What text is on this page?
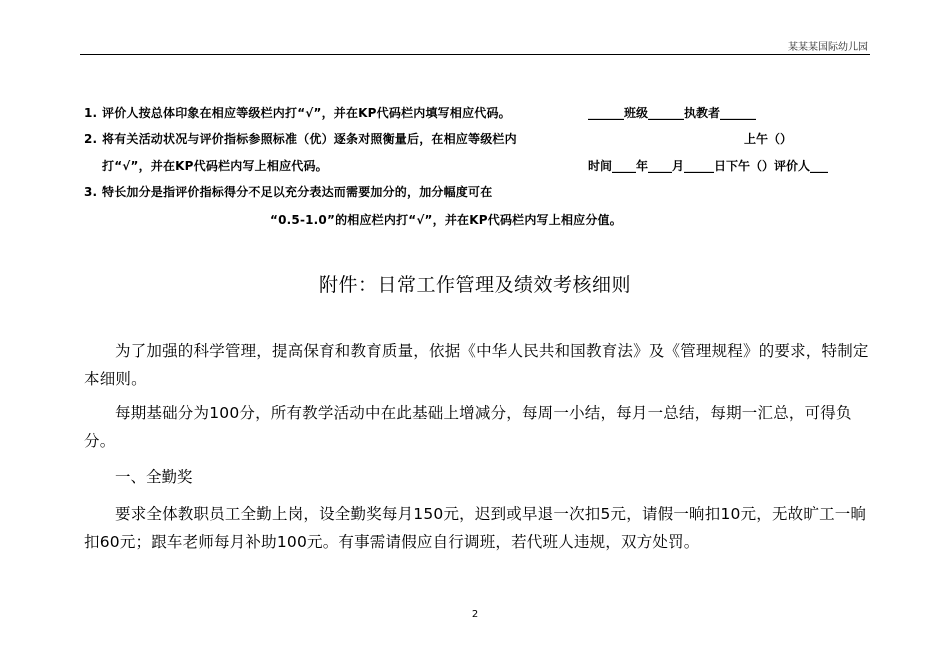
某某某国际幼儿园
1. 评价人按总体印象在相应等级栏内打“√”，并在KP代码栏内填写相应代码。
2. 将有关活动状况与评价指标参照标准（优）逐条对照衡量后，在相应等级栏内
打“√”，并在KP代码栏内写上相应代码。
3. 特长加分是指评价指标得分不足以充分表达而需要加分的，加分幅度可在
“0.5-1.0”的相应栏内打“√”，并在KP代码栏内写上相应分值。
______班级______执教者______
上午（）
时间____年____月_____日下午（）评价人___
附件：日常工作管理及绩效考核细则
为了加强的科学管理，提高保育和教育质量，依据《中华人民共和国教育法》及《管理规程》的要求，特制定本细则。
每期基础分为100分，所有教学活动中在此基础上增减分，每周一小结，每月一总结，每期一汇总，可得负分。
一、全勤奖
要求全体教职员工全勤上岗，设全勤奖每月150元，迟到或早退一次扣5元，请假一晌扣10元，无故旷工一晌扣60元；跟车老师每月补助100元。有事需请假应自行调班，若代班人违规，双方处罚。
2
